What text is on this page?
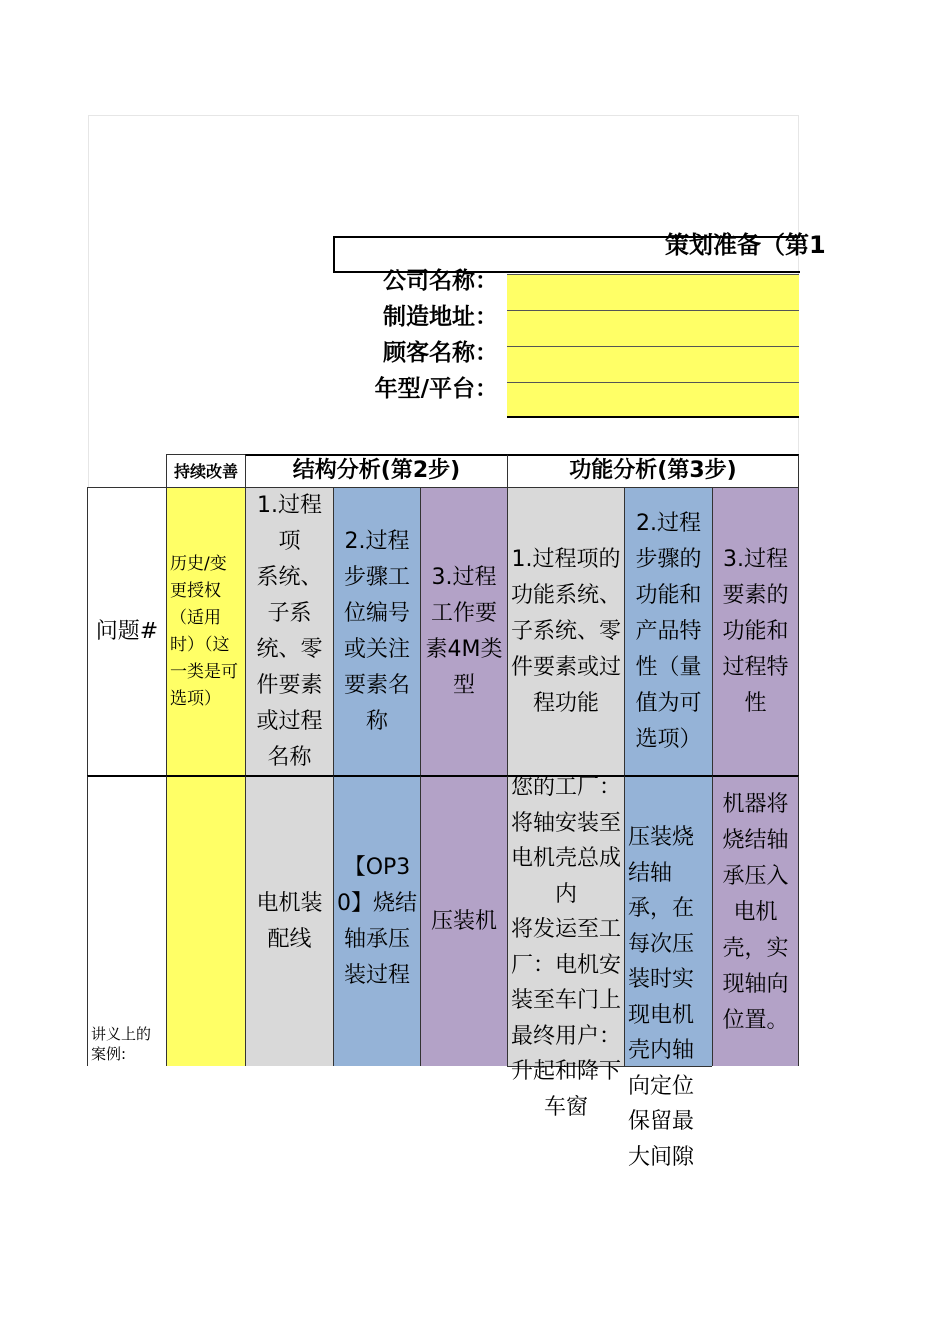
策划准备（第1
公司名称：
制造地址：
顾客名称：
年型/平台：
持续改善	结构分析(第2步)	功能分析(第3步)
问题#
历史/变更授权（适用时）（这一类是可选项）
1.过程项
系统、子系统、零件要素或过程名称
2.过程步骤工位编号或关注要素名称
3.过程工作要素4M类型
1.过程项的功能系统、子系统、零件要素或过程功能
2.过程步骤的功能和产品特性（量值为可选项）
3.过程要素的功能和过程特性
讲义上的案例:
电机装配线
【OP30】烧结轴承压装过程
压装机
机器将烧结轴承压入电机壳，实现轴向位置。
您的工厂：将轴安装至电机壳总成内
将发运至工厂：电机安装至车门上
最终用户：升起和降下车窗
压装烧结轴承，在每次压装时实现电机壳内轴向定位保留最大间隙
